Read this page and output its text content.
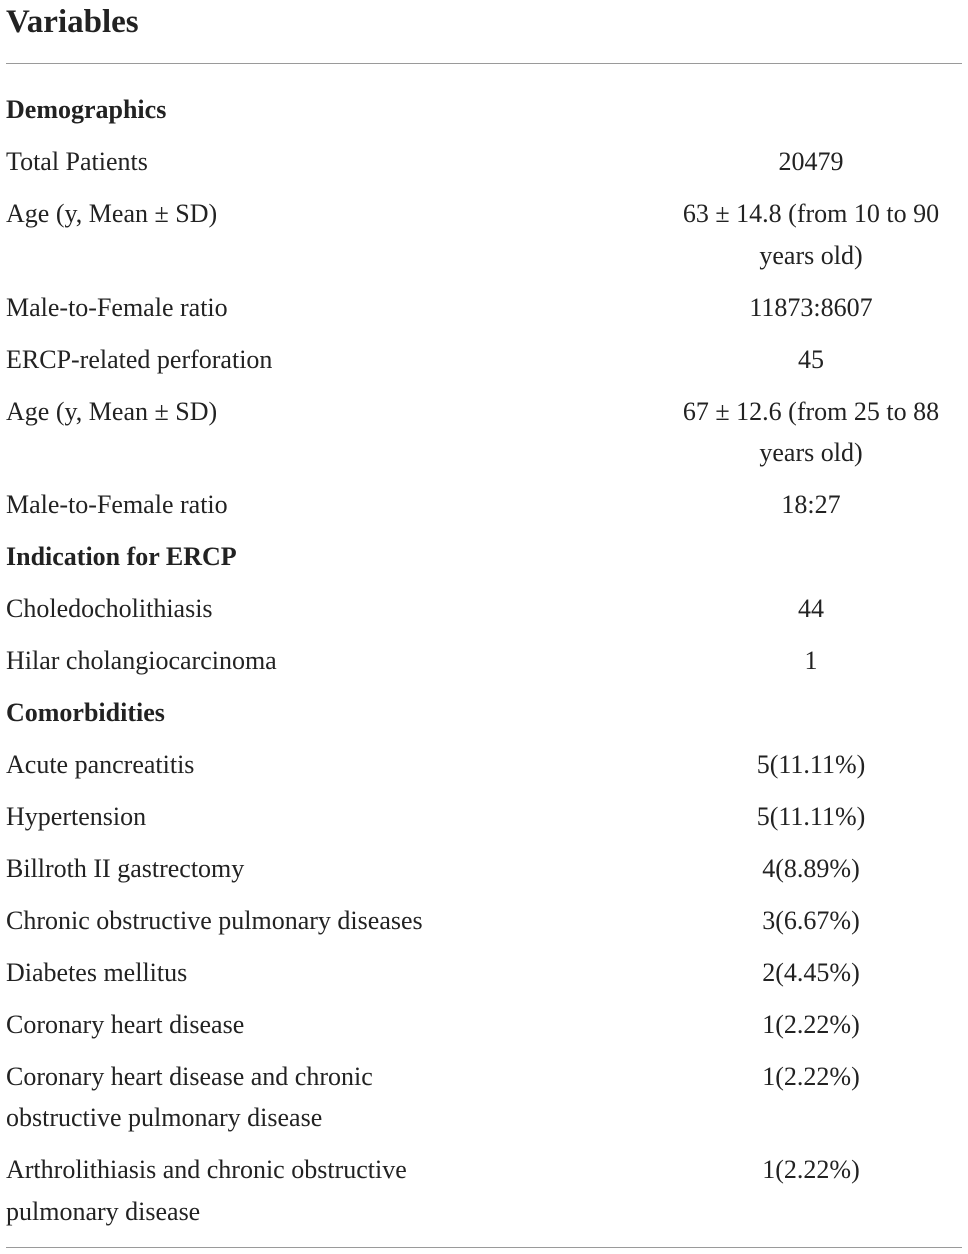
Variables
Demographics	
Total Patients	20479
Age (y, Mean ± SD)	63 ± 14.8 (from 10 to 90 years old)
Male-to-Female ratio	11873:8607
ERCP-related perforation	45
Age (y, Mean ± SD)	67 ± 12.6 (from 25 to 88 years old)
Male-to-Female ratio	18:27
Indication for ERCP	
Choledocholithiasis	44
Hilar cholangiocarcinoma	1
Comorbidities	
Acute pancreatitis	5(11.11%)
Hypertension	5(11.11%)
Billroth II gastrectomy	4(8.89%)
Chronic obstructive pulmonary diseases	3(6.67%)
Diabetes mellitus	2(4.45%)
Coronary heart disease	1(2.22%)

Coronary heart disease and chronic obstructive pulmonary disease	1(2.22%)

Arthrolithiasis and chronic obstructive pulmonary disease	1(2.22%)
